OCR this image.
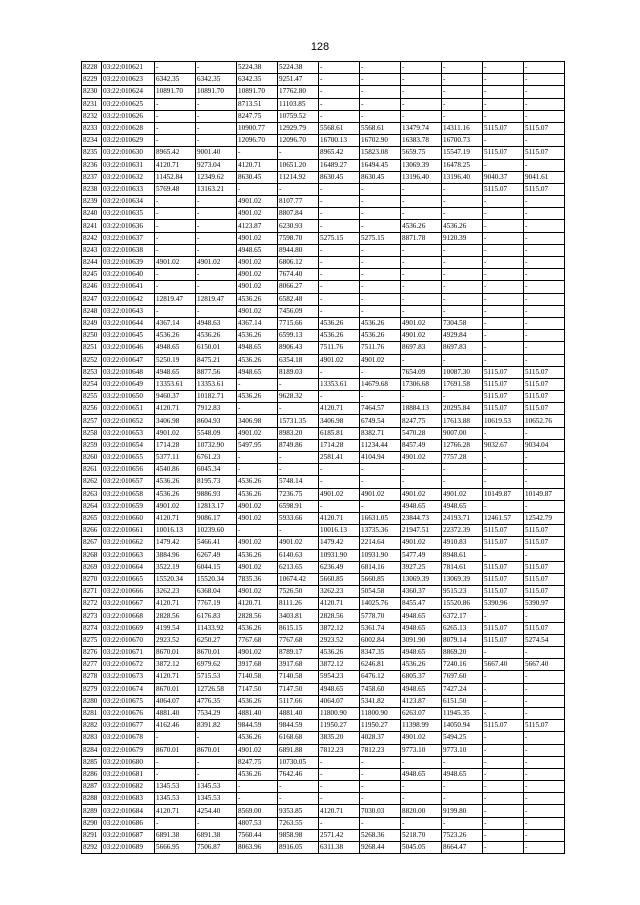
128
8228	03:22:010621	-	-	5224.38	5224.38	-	-	-	-	-	-
8229	03:22:010623	6342.35	6342.35	6342.35	9251.47	-	-	-	-	-	-
8230	03:22:010624	10891.70	10891.70	10891.70	17762.80	-	-	-	-	-	-
8231	03:22:010625	-	-	8713.51	11103.85	-	-	-	-	-	-
8232	03:22:010626	-	-	8247.75	10759.52	-	-	-	-	-	-
8233	03:22:010628	-	-	10900.77	12929.79	5568.61	5568.61	13479.74	14311.16	5115.07	5115.07
8234	03:22:010629	-	-	12096.70	12096.70	16700.13	16702.90	16383.78	16700.73	-	-
8235	03:22:010630	8965.42	9001.40	-	-	8965.42	15823.08	5659.75	15547.19	5115.07	5115.07
8236	03:22:010631	4120.71	9273.04	4120.71	10651.20	16489.27	16494.45	13069.39	16478.25	-	-
8237	03:22:010632	11452.84	12349.62	8630.45	11214.92	8630.45	8630.45	13196.40	13196.40	9040.37	9041.61
8238	03:22:010633	5769.48	13163.21	-	-	-	-	-	-	5115.07	5115.07
8239	03:22:010634	-	-	4901.02	8107.77	-	-	-	-	-	-
8240	03:22:010635	-	-	4901.02	8807.84	-	-	-	-	-	-
8241	03:22:010636	-	-	4123.87	6230.93	-	-	4536.26	4536.26	-	-
8242	03:22:010637	-	-	4901.02	7598.70	5275.15	5275.15	8871.78	9120.39	-	-
8243	03:22:010638	-	-	4948.65	8944.80	-	-	-	-	-	-
8244	03:22:010639	4901.02	4901.02	4901.02	6806.12	-	-	-	-	-	-
8245	03:22:010640	-	-	4901.02	7674.40	-	-	-	-	-	-
8246	03:22:010641	-	-	4901.02	8066.27	-	-	-	-	-	-
8247	03:22:010642	12819.47	12819.47	4536.26	6582.48	-	-	-	-	-	-
8248	03:22:010643	-	-	4901.02	7456.09	-	-	-	-	-	-
8249	03:22:010644	4367.14	4948.63	4367.14	7715.66	4536.26	4536.26	4901.02	7304.58	-	-
8250	03:22:010645	4536.26	4536.26	4536.26	6599.13	4536.26	4536.26	4901.02	4929.84	-	-
8251	03:22:010646	4948.65	6150.01	4948.65	8906.43	7511.76	7511.76	8697.83	8697.83	-	-
8252	03:22:010647	5250.19	8475.21	4536.26	6354.18	4901.02	4901.02	-	-	-	-
8253	03:22:010648	4948.65	8877.56	4948.65	8189.03	-	-	7654.09	10087.30	5115.07	5115.07
8254	03:22:010649	13353.61	13353.61	-	-	13353.61	14679.68	17306.68	17691.58	5115.07	5115.07
8255	03:22:010650	9460.37	10182.71	4536.26	9628.32	-	-	-	-	5115.07	5115.07
8256	03:22:010651	4120.71	7912.83	-	-	4120.71	7464.57	18884.13	20295.84	5115.07	5115.07
8257	03:22:010652	3406.98	8604.93	3406.98	15731.35	3406.98	6749.54	8247.75	17613.88	10619.53	10652.76
8258	03:22:010653	4901.02	5548.09	4901.02	8983.20	6185.81	8382.71	5470.28	9007.00	-	-
8259	03:22:010654	1714.28	10732.90	5497.95	8749.86	1714.28	11234.44	8457.49	12766.28	9032.67	9034.04
8260	03:22:010655	5377.11	6761.23	-	-	2581.41	4104.94	4901.02	7757.28	-	-
8261	03:22:010656	4540.86	6045.34	-	-	-	-	-	-	-	-
8262	03:22:010657	4536.26	8195.73	4536.26	5748.14	-	-	-	-	-	-
8263	03:22:010658	4536.26	9886.93	4536.26	7236.75	4901.02	4901.02	4901.02	4901.02	10149.87	10149.87
8264	03:22:010659	4901.02	12813.17	4901.02	6598.91	-	-	4948.65	4948.65	-	-
8265	03:22:010660	4120.71	9086.17	4901.02	5933.66	4120.71	16631.05	23844.73	24193.71	12461.57	12542.79
8266	03:22:010661	10016.13	10239.60	-	-	10016.13	13735.36	21947.51	22372.39	5115.07	5115.07
8267	03:22:010662	1479.42	5466.41	4901.02	4901.02	1479.42	2214.64	4901.02	4910.83	5115.07	5115.07
8268	03:22:010663	3884.96	6267.49	4536.26	6140.63	10931.90	10931.90	5477.49	8948.61	-	-
8269	03:22:010664	3522.19	6044.15	4901.02	6213.65	6236.49	6814.16	3927.25	7814.61	5115.07	5115.07
8270	03:22:010665	15520.34	15520.34	7835.36	10674.42	5660.85	5660.85	13069.39	13069.39	5115.07	5115.07
8271	03:22:010666	3262.23	6368.04	4901.02	7526.50	3262.23	5054.58	4360.37	9515.23	5115.07	5115.07
8272	03:22:010667	4120.71	7767.19	4120.71	8111.26	4120.71	14025.76	8455.47	15520.86	5390.96	5390.97
8273	03:22:010668	2828.56	6176.83	2828.56	3403.81	2828.56	5778.70	4948.65	6372.17	-	-
8274	03:22:010669	4199.54	11433.92	4536.26	8615.15	3872.12	5361.74	4948.65	6265.13	5115.07	5115.07
8275	03:22:010670	2923.52	6250.27	7767.68	7767.68	2923.52	6002.84	3091.90	8079.14	5115.07	5274.54
8276	03:22:010671	8670.01	8670.01	4901.02	8789.17	4536.26	8347.35	4948.65	8869.20	-	-
8277	03:22:010672	3872.12	6979.62	3917.68	3917.68	3872.12	6246.81	4536.26	7240.16	5667.40	5667.40
8278	03:22:010673	4120.71	5715.53	7140.58	7140.58	5954.23	6476.12	6805.37	7697.60	-	-
8279	03:22:010674	8670.01	12726.58	7147.50	7147.50	4948.65	7458.60	4948.65	7427.24	-	-
8280	03:22:010675	4064.07	4776.35	4536.26	5117.66	4064.07	5341.82	4123.87	6151.50	-	-
8281	03:22:010676	4881.40	7534.29	4881.40	4881.40	11800.90	11800.90	6263.07	11945.35	-	-
8282	03:22:010677	4162.46	8391.82	9844.59	9844.59	11950.27	11950.27	11398.99	14050.94	5115.07	5115.07
8283	03:22:010678	-	-	4536.26	6168.68	3835.20	4028.37	4901.02	5494.25	-	-
8284	03:22:010679	8670.01	8670.01	4901.02	6891.88	7812.23	7812.23	9773.10	9773.10	-	-
8285	03:22:010680	-	-	8247.75	10730.05	-	-	-	-	-	-
8286	03:22:010681	-	-	4536.26	7642.46	-	-	4948.65	4948.65	-	-
8287	03:22:010682	1345.53	1345.53	-	-	-	-	-	-	-	-
8288	03:22:010683	1345.53	1345.53	-	-	-	-	-	-	-	-
8289	03:22:010684	4120.71	4254.40	8569.00	9353.85	4120.71	7030.03	8820.00	9199.80	-	-
8290	03:22:010686	-	-	4807.53	7263.55	-	-	-	-	-	-
8291	03:22:010687	6891.38	6891.38	7560.44	9858.98	2571.42	5268.36	5218.70	7523.26	-	-
8292	03:22:010689	5666.95	7506.87	8063.96	8916.05	6311.38	9268.44	5045.05	8664.47	-	-
